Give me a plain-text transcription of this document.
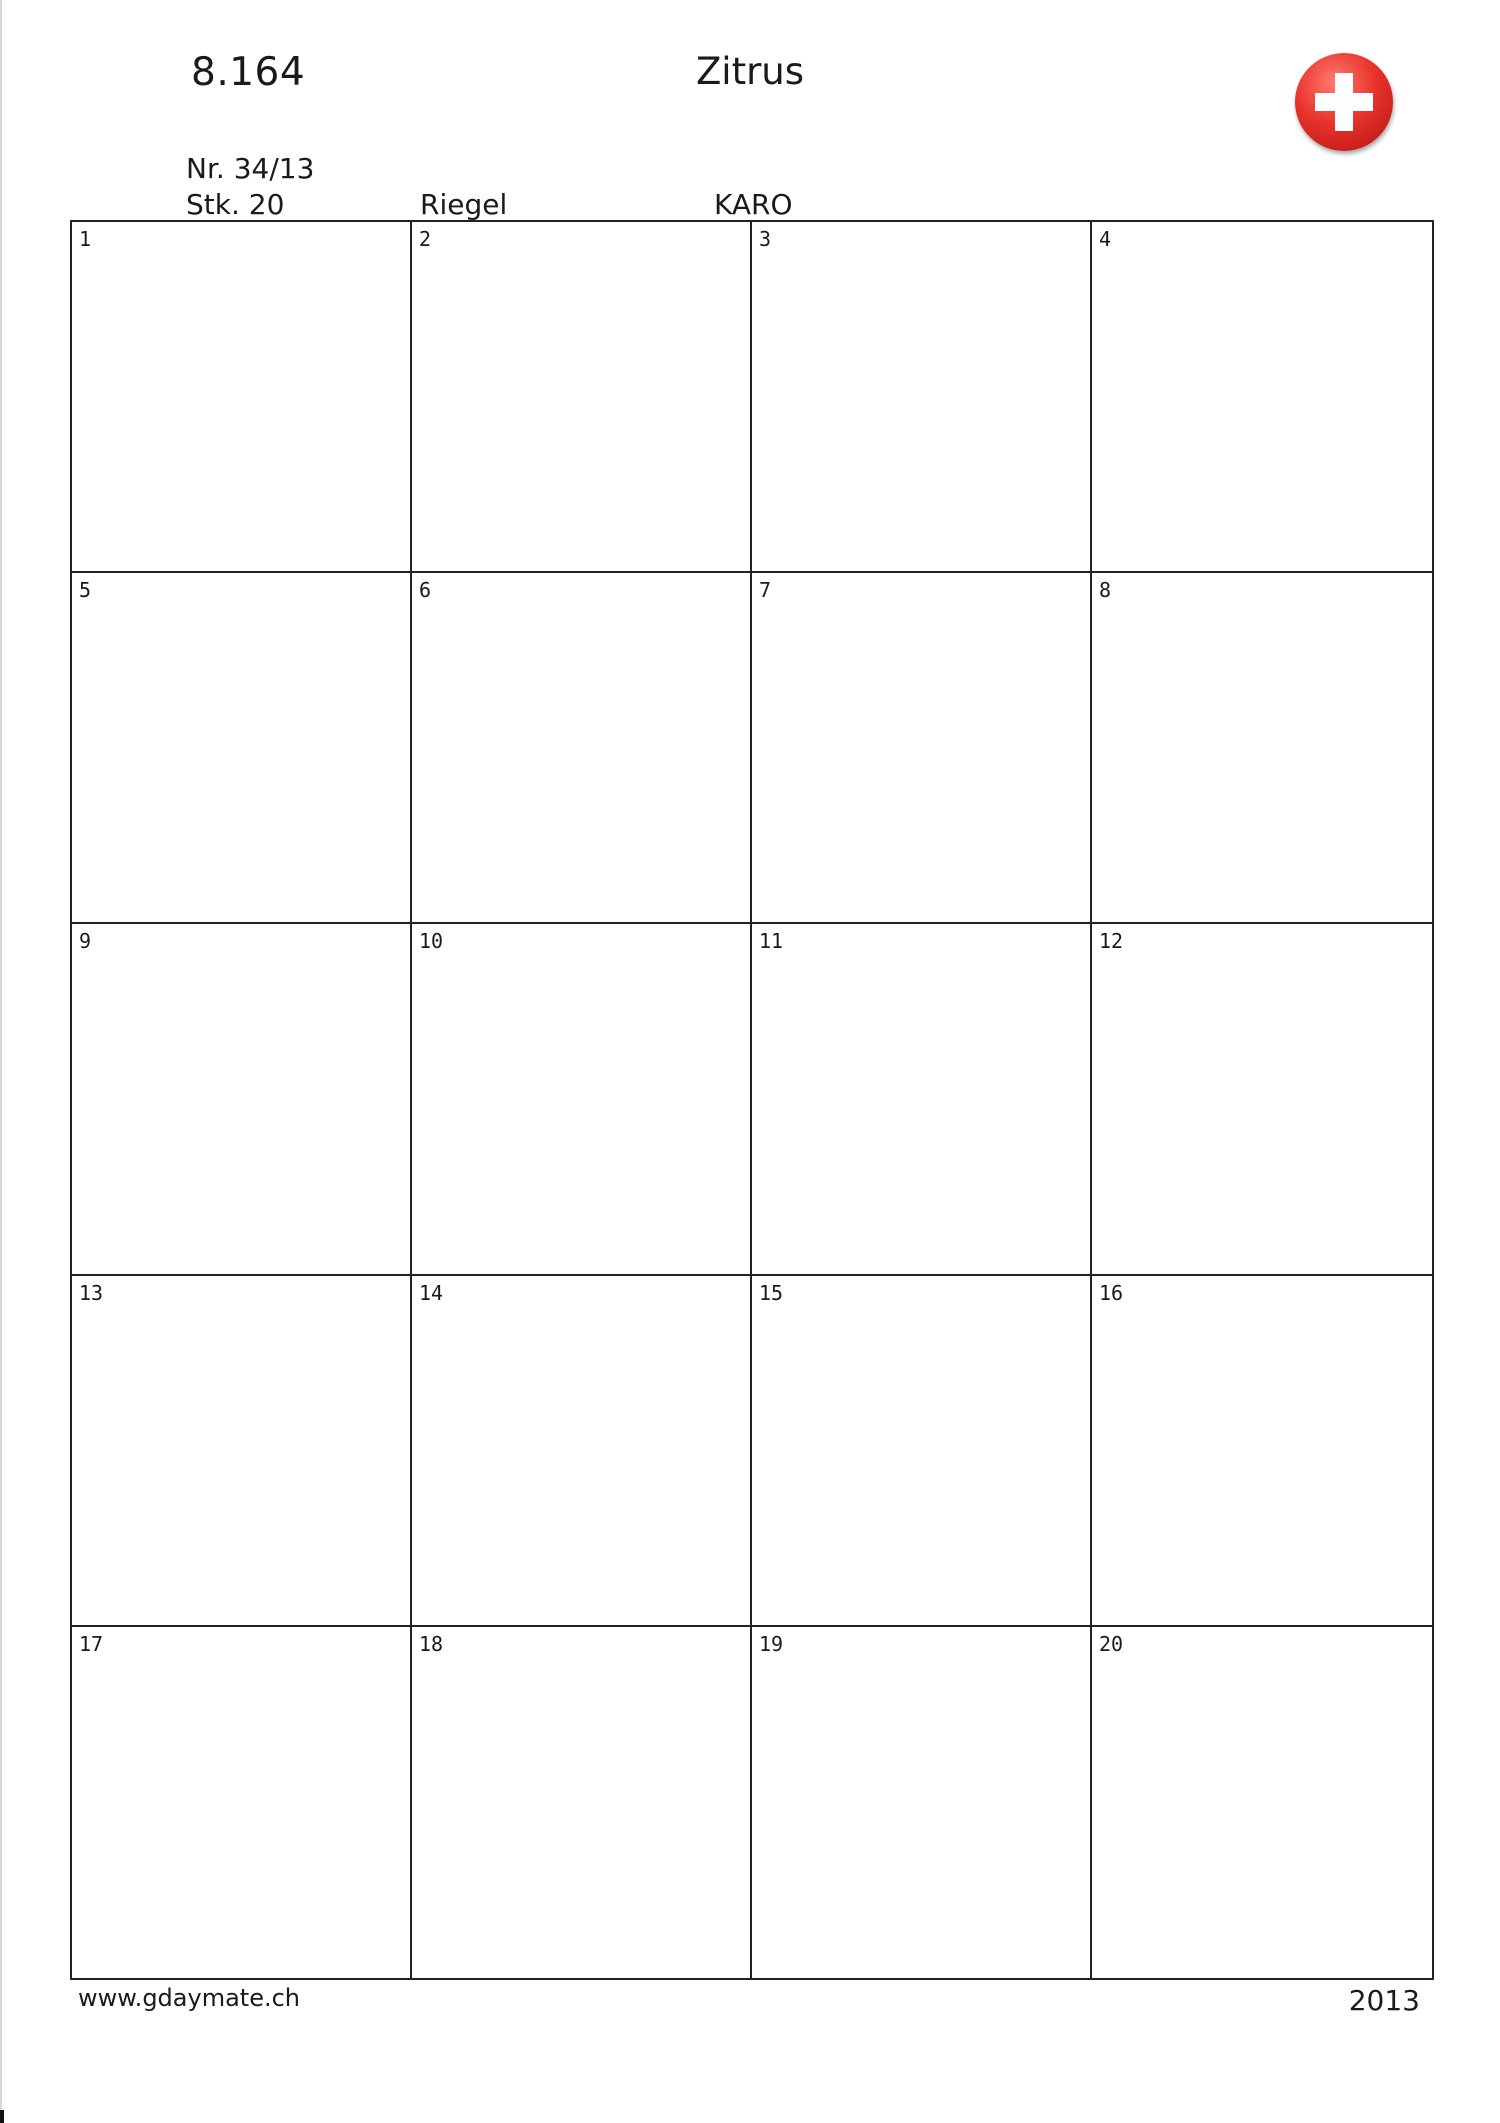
8.164	Zitrus
Nr. 34/13
Stk. 20	Riegel	KARO
1	2	3	4
5	6	7	8
9	10	11	12
13	14	15	16
17	18	19	20
www.gdaymate.ch	2013
